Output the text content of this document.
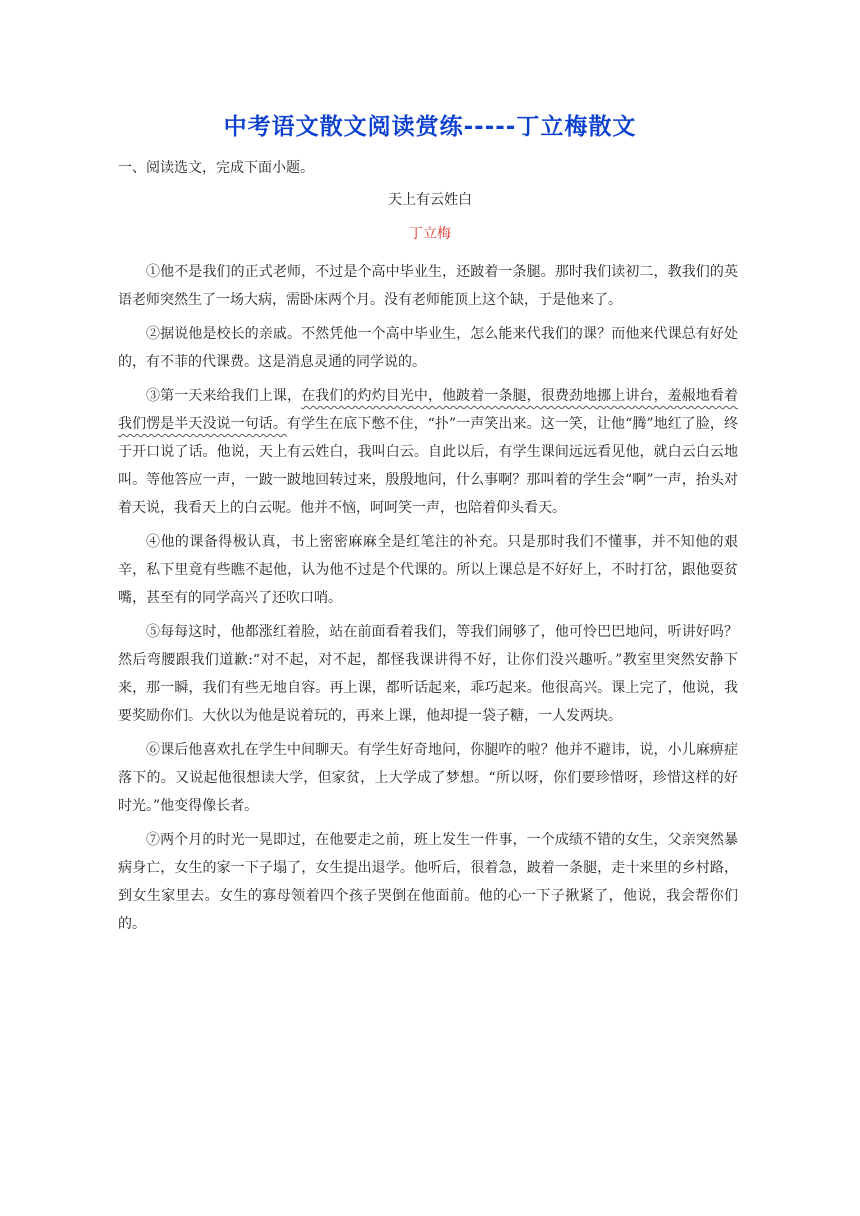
中考语文散文阅读赏练-----丁立梅散文

一、阅读选文，完成下面小题。

天上有云姓白

丁立梅

①他不是我们的正式老师，不过是个高中毕业生，还跛着一条腿。那时我们读初二，教我们的英语老师突然生了一场大病，需卧床两个月。没有老师能顶上这个缺，于是他来了。

②据说他是校长的亲戚。不然凭他一个高中毕业生，怎么能来代我们的课？而他来代课总有好处的，有不菲的代课费。这是消息灵通的同学说的。

③第一天来给我们上课，在我们的灼灼目光中，他跛着一条腿，很费劲地挪上讲台，羞赧地看着我们愣是半天没说一句话。有学生在底下憋不住，“扑”一声笑出来。这一笑，让他“腾”地红了脸，终于开口说了话。他说，天上有云姓白，我叫白云。自此以后，有学生课间远远看见他，就白云白云地叫。等他答应一声，一跛一跛地回转过来，殷殷地问，什么事啊？那叫着的学生会“啊”一声，抬头对着天说，我看天上的白云呢。他并不恼，呵呵笑一声，也陪着仰头看天。

④他的课备得极认真，书上密密麻麻全是红笔注的补充。只是那时我们不懂事，并不知他的艰辛，私下里竟有些瞧不起他，认为他不过是个代课的。所以上课总是不好好上，不时打岔，跟他耍贫嘴，甚至有的同学高兴了还吹口哨。

⑤每每这时，他都涨红着脸，站在前面看着我们，等我们闹够了，他可怜巴巴地问，听讲好吗？然后弯腰跟我们道歉:“对不起，对不起，都怪我课讲得不好，让你们没兴趣听。”教室里突然安静下来，那一瞬，我们有些无地自容。再上课，都听话起来，乖巧起来。他很高兴。课上完了，他说，我要奖励你们。大伙以为他是说着玩的，再来上课，他却提一袋子糖，一人发两块。

⑥课后他喜欢扎在学生中间聊天。有学生好奇地问，你腿咋的啦？他并不避讳，说，小儿麻痹症落下的。又说起他很想读大学，但家贫，上大学成了梦想。“所以呀，你们要珍惜呀，珍惜这样的好时光。”他变得像长者。

⑦两个月的时光一晃即过，在他要走之前，班上发生一件事，一个成绩不错的女生，父亲突然暴病身亡，女生的家一下子塌了，女生提出退学。他听后，很着急，跛着一条腿，走十来里的乡村路，到女生家里去。女生的寡母领着四个孩子哭倒在他面前。他的心一下子揪紧了，他说，我会帮你们的。
